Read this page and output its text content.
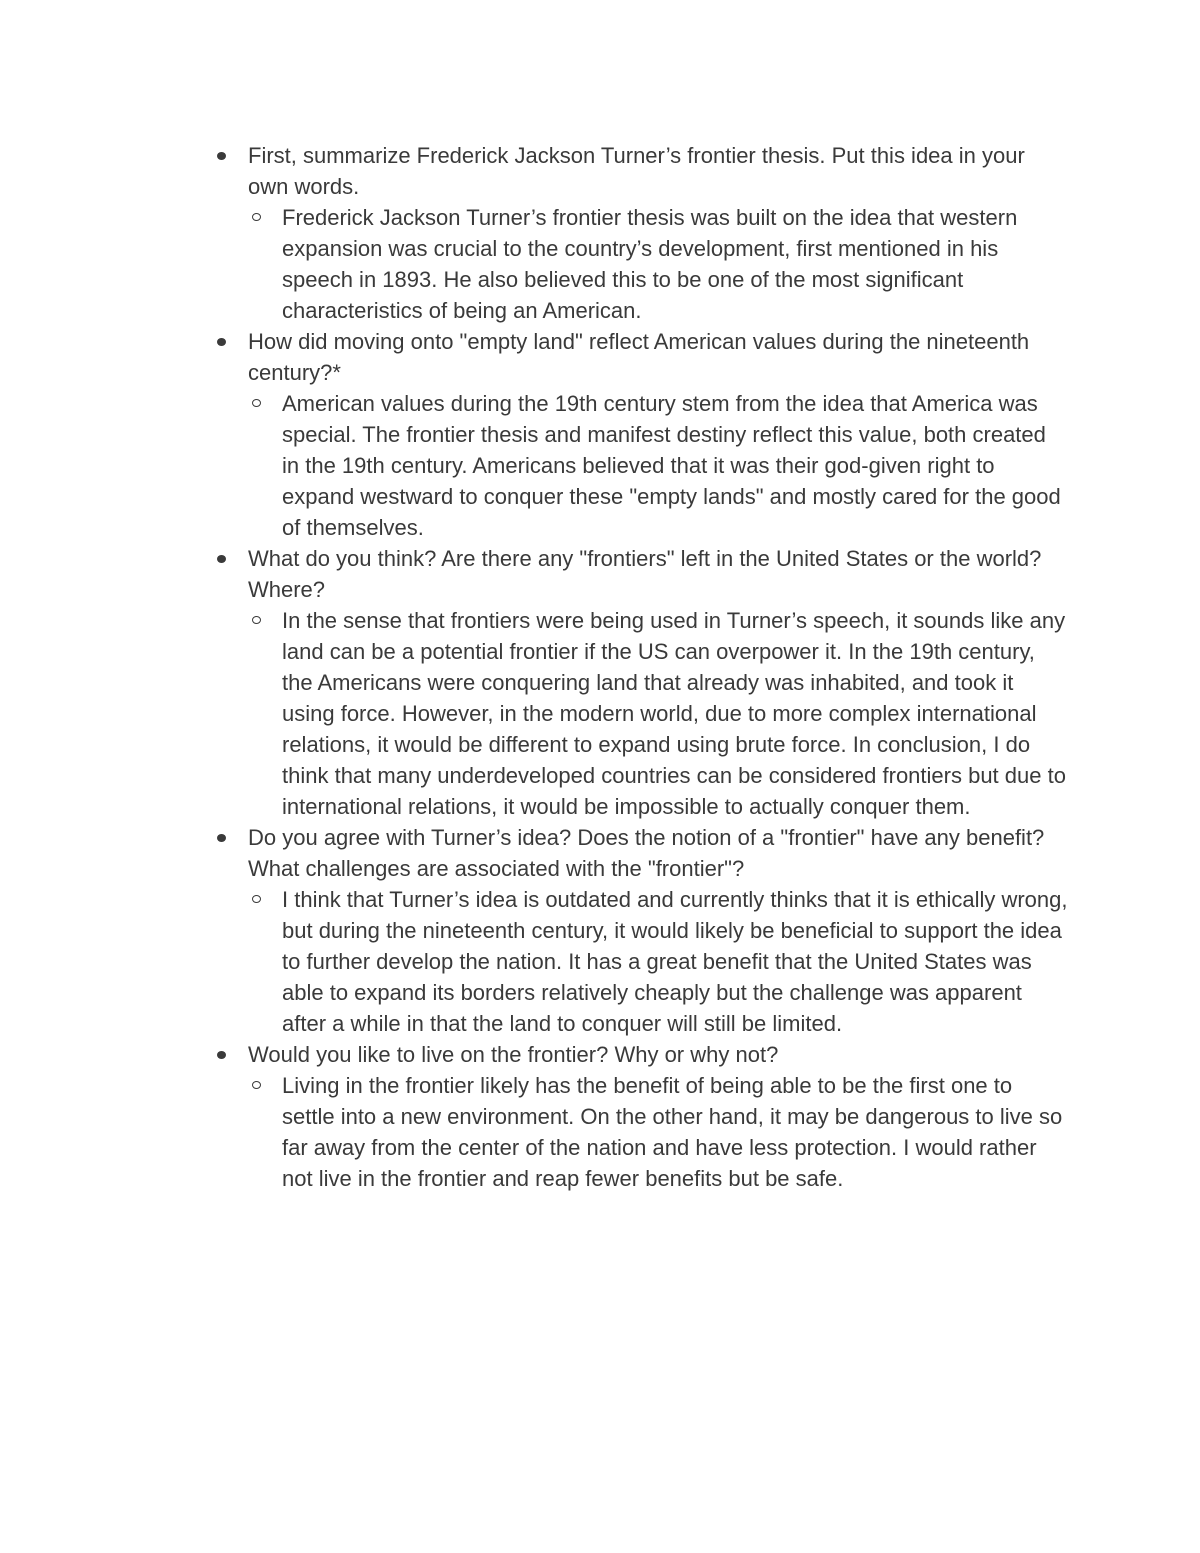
First, summarize Frederick Jackson Turner’s frontier thesis. Put this idea in your own words.
Frederick Jackson Turner’s frontier thesis was built on the idea that western expansion was crucial to the country’s development, first mentioned in his speech in 1893. He also believed this to be one of the most significant characteristics of being an American.
How did moving onto "empty land" reflect American values during the nineteenth century?*
American values during the 19th century stem from the idea that America was special. The frontier thesis and manifest destiny reflect this value, both created in the 19th century. Americans believed that it was their god-given right to expand westward to conquer these "empty lands" and mostly cared for the good of themselves.
What do you think? Are there any "frontiers" left in the United States or the world? Where?
In the sense that frontiers were being used in Turner’s speech, it sounds like any land can be a potential frontier if the US can overpower it. In the 19th century, the Americans were conquering land that already was inhabited, and took it using force. However, in the modern world, due to more complex international relations, it would be different to expand using brute force. In conclusion, I do think that many underdeveloped countries can be considered frontiers but due to international relations, it would be impossible to actually conquer them.
Do you agree with Turner’s idea? Does the notion of a "frontier" have any benefit? What challenges are associated with the "frontier"?
I think that Turner’s idea is outdated and currently thinks that it is ethically wrong, but during the nineteenth century, it would likely be beneficial to support the idea to further develop the nation. It has a great benefit that the United States was able to expand its borders relatively cheaply but the challenge was apparent after a while in that the land to conquer will still be limited.
Would you like to live on the frontier? Why or why not?
Living in the frontier likely has the benefit of being able to be the first one to settle into a new environment. On the other hand, it may be dangerous to live so far away from the center of the nation and have less protection. I would rather not live in the frontier and reap fewer benefits but be safe.
